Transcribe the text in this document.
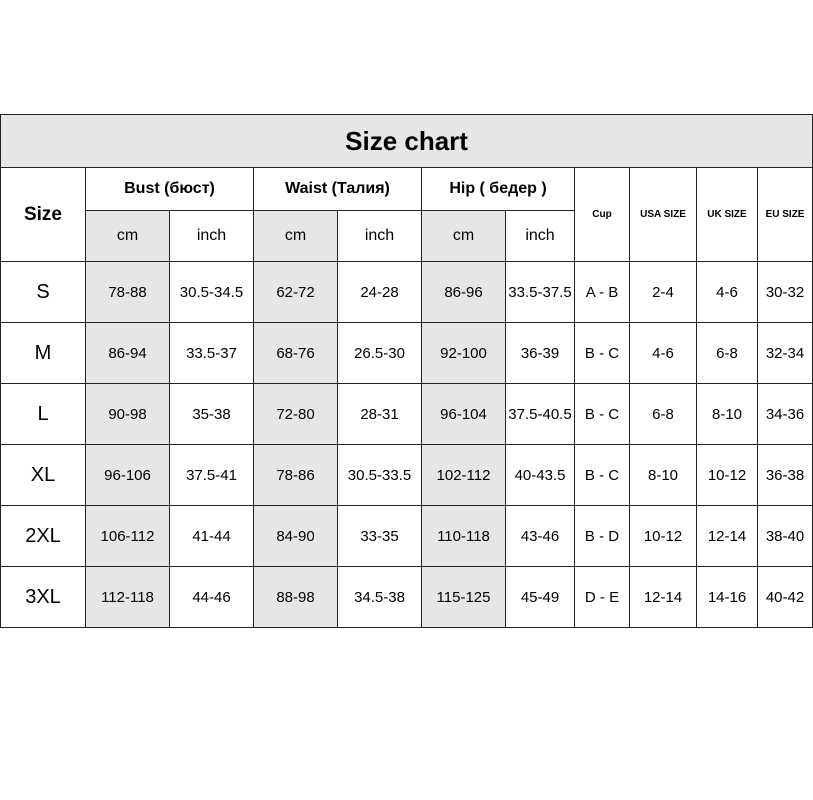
Size chart										
Size	Bust (бюст)		Waist (Талия)		Hip ( бедер )		Cup	USA SIZE	UK SIZE	EU SIZE
	cm	inch	cm	inch	cm	inch				
S	78-88	30.5-34.5	62-72	24-28	86-96	33.5-37.5	A - B	2-4	4-6	30-32
M	86-94	33.5-37	68-76	26.5-30	92-100	36-39	B - C	4-6	6-8	32-34
L	90-98	35-38	72-80	28-31	96-104	37.5-40.5	B - C	6-8	8-10	34-36
XL	96-106	37.5-41	78-86	30.5-33.5	102-112	40-43.5	B - C	8-10	10-12	36-38
2XL	106-112	41-44	84-90	33-35	110-118	43-46	B - D	10-12	12-14	38-40
3XL	112-118	44-46	88-98	34.5-38	115-125	45-49	D - E	12-14	14-16	40-42
